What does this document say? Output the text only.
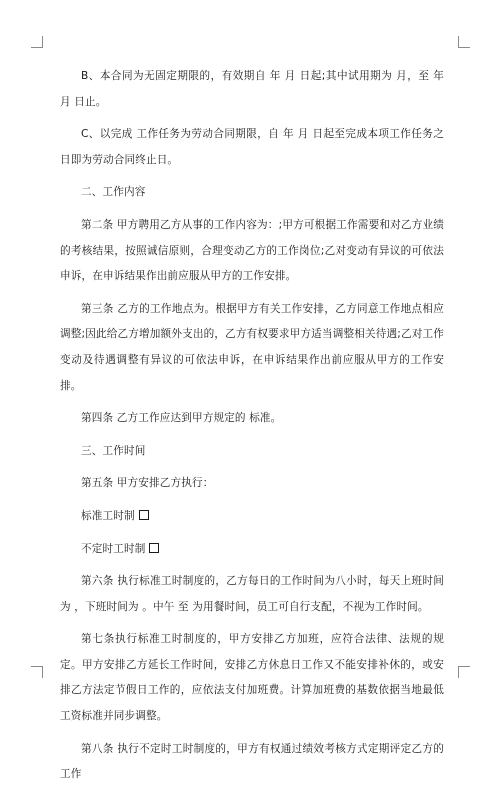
B、本合同为无固定期限的，有效期自 年 月 日起;其中试用期为 月，至 年 月 日止。

C、以完成 工作任务为劳动合同期限，自 年 月 日起至完成本项工作任务之日即为劳动合同终止日。

二、工作内容

第二条 甲方聘用乙方从事的工作内容为：;甲方可根据工作需要和对乙方业绩的考核结果，按照诚信原则，合理变动乙方的工作岗位;乙对变动有异议的可依法申诉，在申诉结果作出前应服从甲方的工作安排。

第三条 乙方的工作地点为。根据甲方有关工作安排，乙方同意工作地点相应调整;因此给乙方增加额外支出的，乙方有权要求甲方适当调整相关待遇;乙对工作变动及待遇调整有异议的可依法申诉，在申诉结果作出前应服从甲方的工作安排。

第四条 乙方工作应达到甲方规定的 标准。

三、工作时间

第五条 甲方安排乙方执行：

标准工时制

不定时工时制

第六条 执行标准工时制度的，乙方每日的工作时间为八小时，每天上班时间为 ，下班时间为 。中午 至 为用餐时间，员工可自行支配，不视为工作时间。

第七条执行标准工时制度的，甲方安排乙方加班，应符合法律、法规的规定。甲方安排乙方延长工作时间，安排乙方休息日工作又不能安排补休的，或安排乙方法定节假日工作的，应依法支付加班费。计算加班费的基数依据当地最低工资标准并同步调整。

第八条 执行不定时工时制度的，甲方有权通过绩效考核方式定期评定乙方的工作
